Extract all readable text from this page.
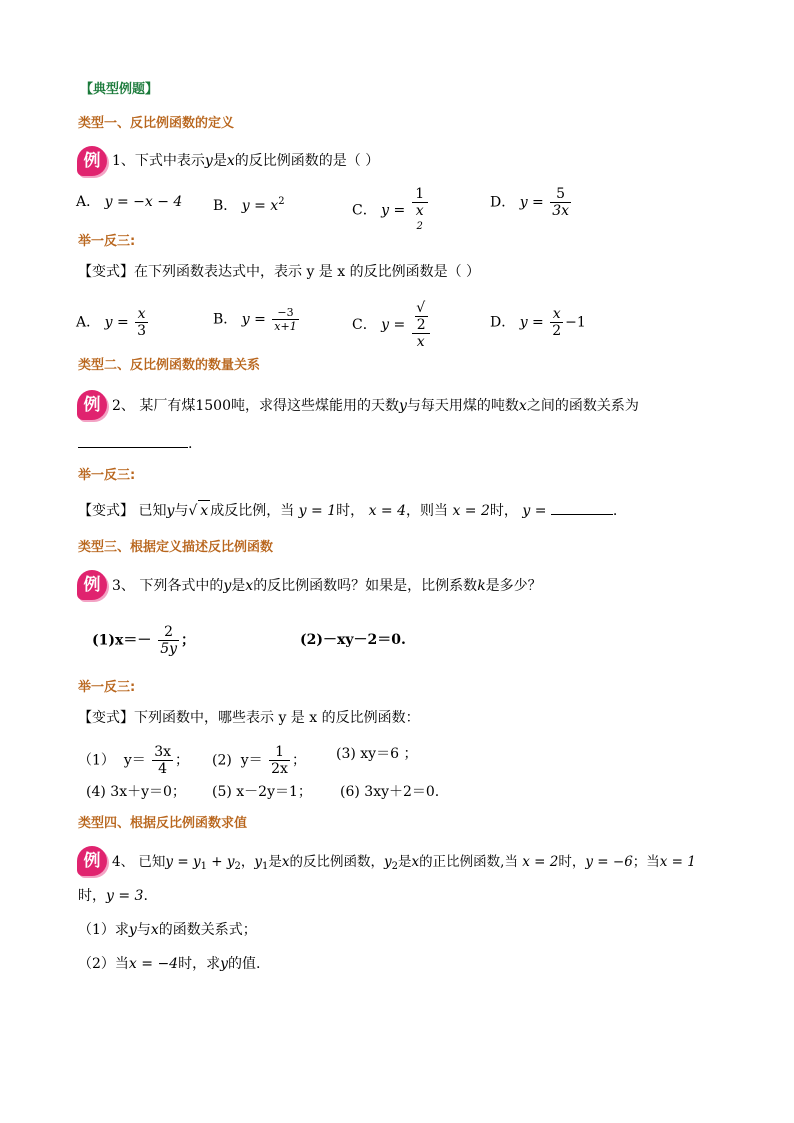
【典型例题】
类型一、反比例函数的定义
例 1、下式中表示y是x的反比例函数的是（ ）
A． y = −x − 4 B． $y = x^2$
C． y = 1
x
2	D． $y = \frac{5}{3x}$
举一反三:
【变式】在下列函数表达式中，表示 y 是 x 的反比例函数是（ ）
A． $y = \frac{x}{3}$	B． $y = \frac{-3}{x+1}$	C． y = √
2
x	D． $y = \frac{x}{2} -1$
类型二、反比例函数的数量关系
例 2、 某厂有煤1500吨，求得这些煤能用的天数y与每天用煤的吨数x之间的函数关系为
.
举一反三:
【变式】 已知y与√ x 成反比例，当 y = 1时， x = 4，则当 x = 2时， y =	.
类型三、根据定义描述反比例函数
例 3、 下列各式中的y是x的反比例函数吗？如果是，比例系数k是多少？
$(1)x=- \frac{2}{5y}$ ；	(2)－xy－2＝0.
举一反三:
【变式】下列函数中，哪些表示 y 是 x 的反比例函数：
（1） $y= \frac{3x}{4}$ ； (2) $y= \frac{1}{2x}$ ； (3) xy＝6 ；
(4) 3x＋y＝0； (5) x－2y＝1； (6) 3xy＋2＝0.
类型四、根据反比例函数求值
例 4、 已知$y = y_1 + y_2$，$y_1$是x的反比例函数，$y_2$是x的正比例函数,当 x = 2时，y = −6；当x = 1
时，y = 3.
（1）求y与x的函数关系式；
（2）当x = −4时，求y的值.
